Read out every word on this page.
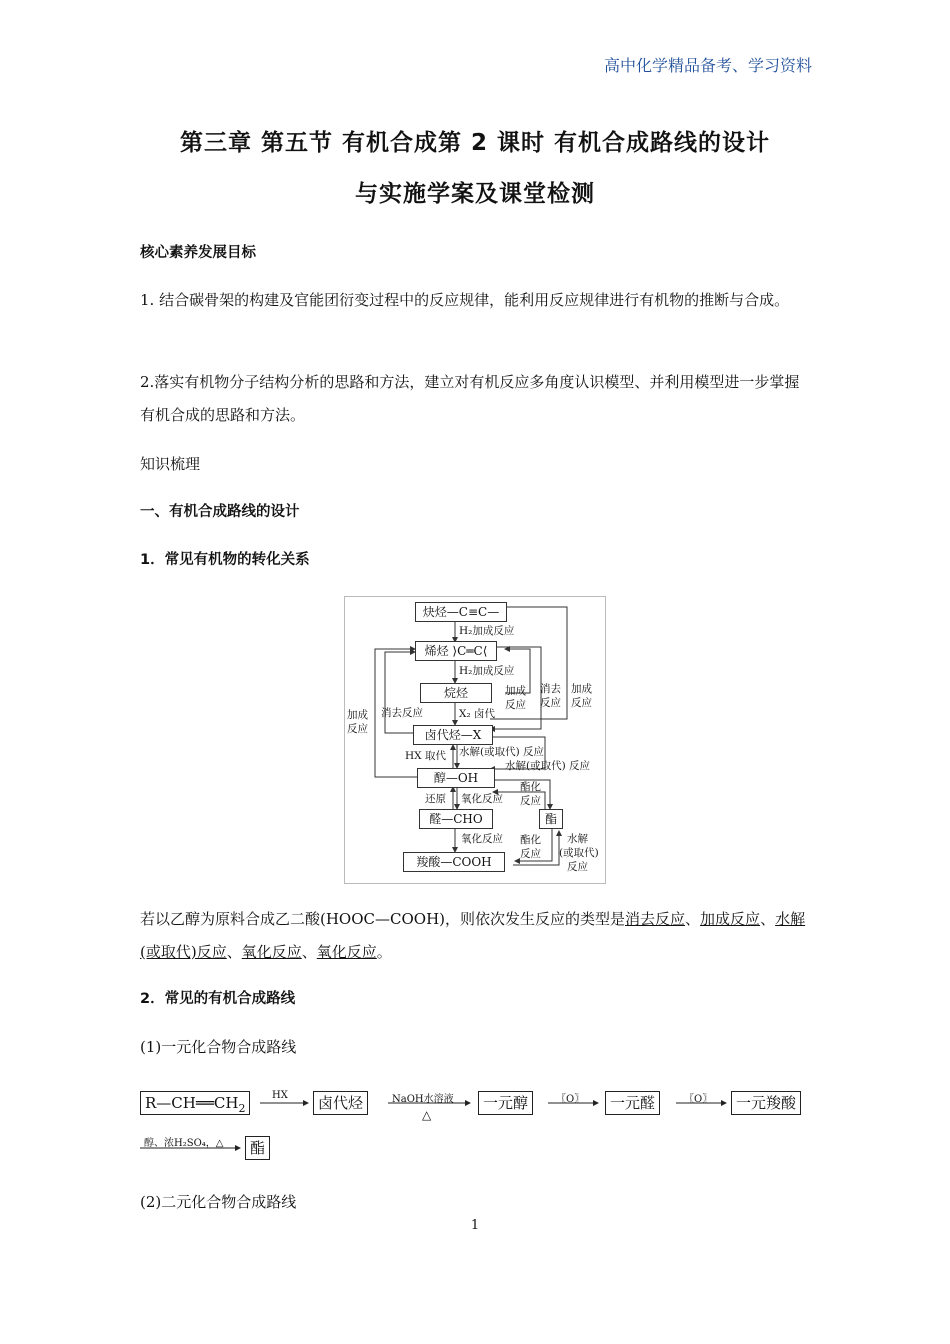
高中化学精品备考、学习资料
第三章 第五节 有机合成第 2 课时 有机合成路线的设计
与实施学案及课堂检测
核心素养发展目标
1. 结合碳骨架的构建及官能团衍变过程中的反应规律，能利用反应规律进行有机物的推断与合成。
2.落实有机物分子结构分析的思路和方法，建立对有机反应多角度认识模型、并利用模型进一步掌握有机合成的思路和方法。
知识梳理
一、有机合成路线的设计
1．常见有机物的转化关系
炔烃—C≡C—
烯烃 ⟩C═C⟨
烷烃
卤代烃—X
醇—OH
醛—CHO
羧酸—COOH
酯
H₂加成反应
H₂加成反应
加成
反应
消去
反应
加成
反应
加成
反应
消去反应	X₂ 卤代
HX 取代 水解(或取代) 反应
水解(或取代) 反应
还原 氧化反应
氧化反应
酯化
反应
酯化
反应
水解
(或取代)
反应
若以乙醇为原料合成乙二酸(HOOC—COOH)，则依次发生反应的类型是消去反应、加成反应、水解(或取代)反应、氧化反应、氧化反应。
2．常见的有机合成路线
(1)一元化合物合成路线
$R—CH══CH_2$
HX	卤代烃	NaOH水溶液
△
一元醇	〖O〗	一元醛	〖O〗	一元羧酸
醇、浓H₂SO₄，△	酯
(2)二元化合物合成路线
1
